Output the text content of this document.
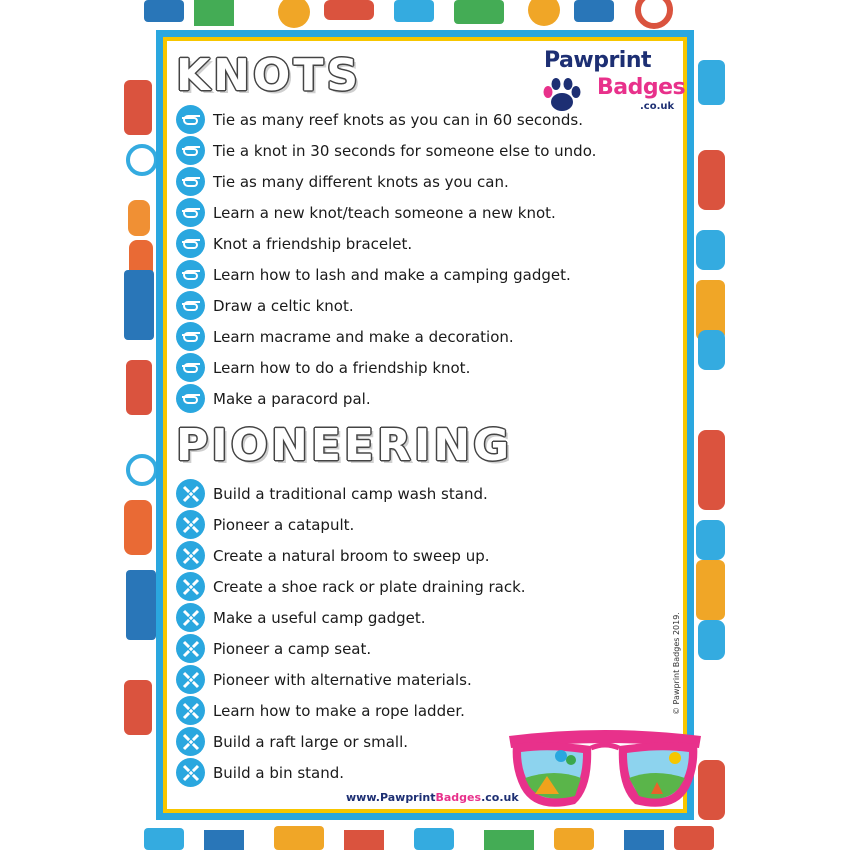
KNOTS
Tie as many reef knots as you can in 60 seconds.
Tie a knot in 30 seconds for someone else to undo.
Tie as many different knots as you can.
Learn a new knot/teach someone a new knot.
Knot a friendship bracelet.
Learn how to lash and make a camping gadget.
Draw a celtic knot.
Learn macrame and make a decoration.
Learn how to do a friendship knot.
Make a paracord pal.
PIONEERING
Build a traditional camp wash stand.
Pioneer a catapult.
Create a natural broom to sweep up.
Create a shoe rack or plate draining rack.
Make a useful camp gadget.
Pioneer a camp seat.
Pioneer with alternative materials.
Learn how to make a rope ladder.
Build a raft large or small.
Build a bin stand.
Pawprint
Badges
.co.uk
© Pawprint Badges 2019.
www.PawprintBadges.co.uk
